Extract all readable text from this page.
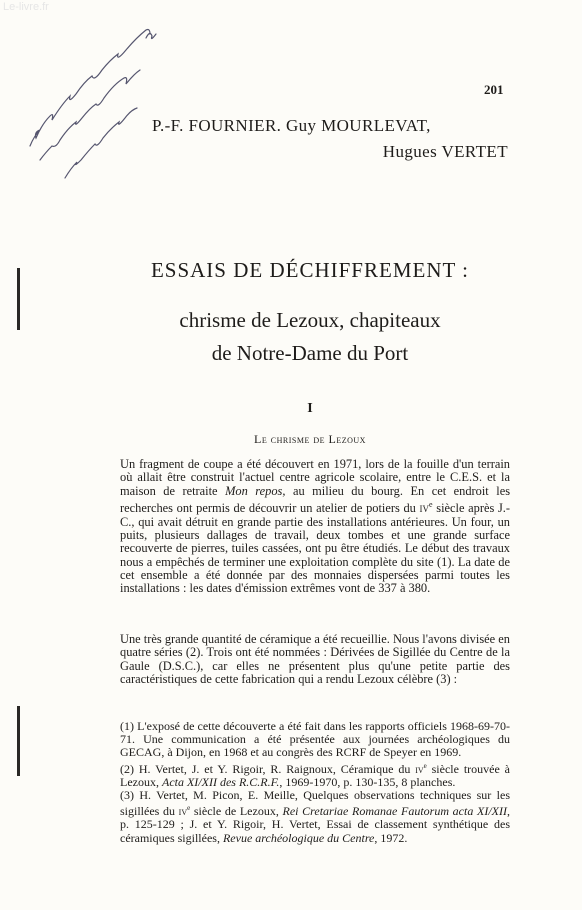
Le-livre.fr
201
P.-F. FOURNIER. Guy MOURLEVAT,
Hugues VERTET
ESSAIS DE DÉCHIFFREMENT :
chrisme de Lezoux, chapiteaux
de Notre-Dame du Port
I
Le chrisme de Lezoux

Un fragment de coupe a été découvert en 1971, lors de la fouille d'un terrain où allait être construit l'actuel centre agricole scolaire, entre le C.E.S. et la maison de retraite Mon repos, au milieu du bourg. En cet endroit les recherches ont permis de découvrir un atelier de potiers du $iv^e$ siècle après J.-C., qui avait détruit en grande partie des installations antérieures. Un four, un puits, plusieurs dallages de travail, deux tombes et une grande surface recouverte de pierres, tuiles cassées, ont pu être étudiés. Le début des travaux nous a empêchés de terminer une exploitation complète du site (1). La date de cet ensemble a été donnée par des monnaies dispersées parmi toutes les installations : les dates d'émission extrêmes vont de 337 à 380.

Une très grande quantité de céramique a été recueillie. Nous l'avons divisée en quatre séries (2). Trois ont été nommées : Dérivées de Sigillée du Centre de la Gaule (D.S.C.), car elles ne présentent plus qu'une petite partie des caractéristiques de cette fabrication qui a rendu Lezoux célèbre (3) :

(1) L'exposé de cette découverte a été fait dans les rapports officiels 1968-69-70-71. Une communication a été présentée aux journées archéologiques du GECAG, à Dijon, en 1968 et au congrès des RCRF de Speyer en 1969.

(2) H. Vertet, J. et Y. Rigoir, R. Raignoux, Céramique du $iv^e$ siècle trouvée à Lezoux, Acta XI/XII des R.C.R.F., 1969-1970, p. 130-135, 8 planches.

(3) H. Vertet, M. Picon, E. Meille, Quelques observations techniques sur les sigillées du $iv^e$ siècle de Lezoux, Rei Cretariae Romanae Fautorum acta XI/XII, p. 125-129 ; J. et Y. Rigoir, H. Vertet, Essai de classement synthétique des céramiques sigillées, Revue archéologique du Centre, 1972.
